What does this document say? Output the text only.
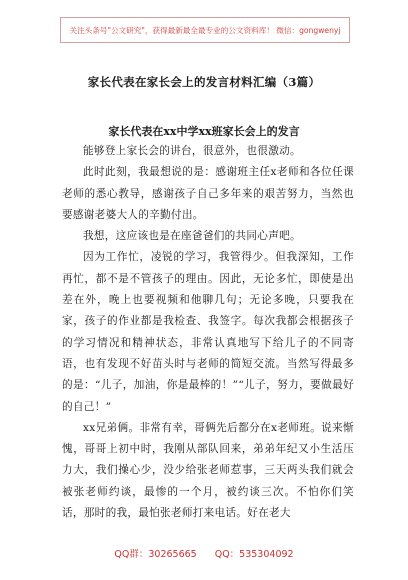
关注头条号"公文研究"，获得最新最全最专业的公文资料库！ 微信：gongwenyj
家长代表在家长会上的发言材料汇编（3篇）
家长代表在xx中学xx班家长会上的发言

能够登上家长会的讲台，很意外，也很激动。

此时此刻，我最想说的是：感谢班主任x老师和各位任课老师的悉心教导，感谢孩子自己多年来的艰苦努力，当然也要感谢老婆大人的辛勤付出。

我想，这应该也是在座爸爸们的共同心声吧。

因为工作忙，凌锐的学习，我管得少。但我深知，工作再忙，都不是不管孩子的理由。因此，无论多忙，即使是出差在外，晚上也要视频和他聊几句；无论多晚，只要我在家，孩子的作业都是我检查、我签字。每次我都会根据孩子的学习情况和精神状态，非常认真地写下给儿子的不同寄语，也有发现不好苗头时与老师的简短交流。当然写得最多的是：“儿子，加油，你是最棒的！”“儿子，努力，要做最好的自己！”

xx兄弟俩。非常有幸，哥俩先后都分在x老师班。说来惭愧，哥哥上初中时，我刚从部队回来，弟弟年纪又小生活压力大，我们操心少，没少给张老师惹事，三天两头我们就会被张老师约谈，最惨的一个月，被约谈三次。不怕你们笑话，那时的我，最怕张老师打来电话。好在老大

QQ群：30265665 QQ：535304092
